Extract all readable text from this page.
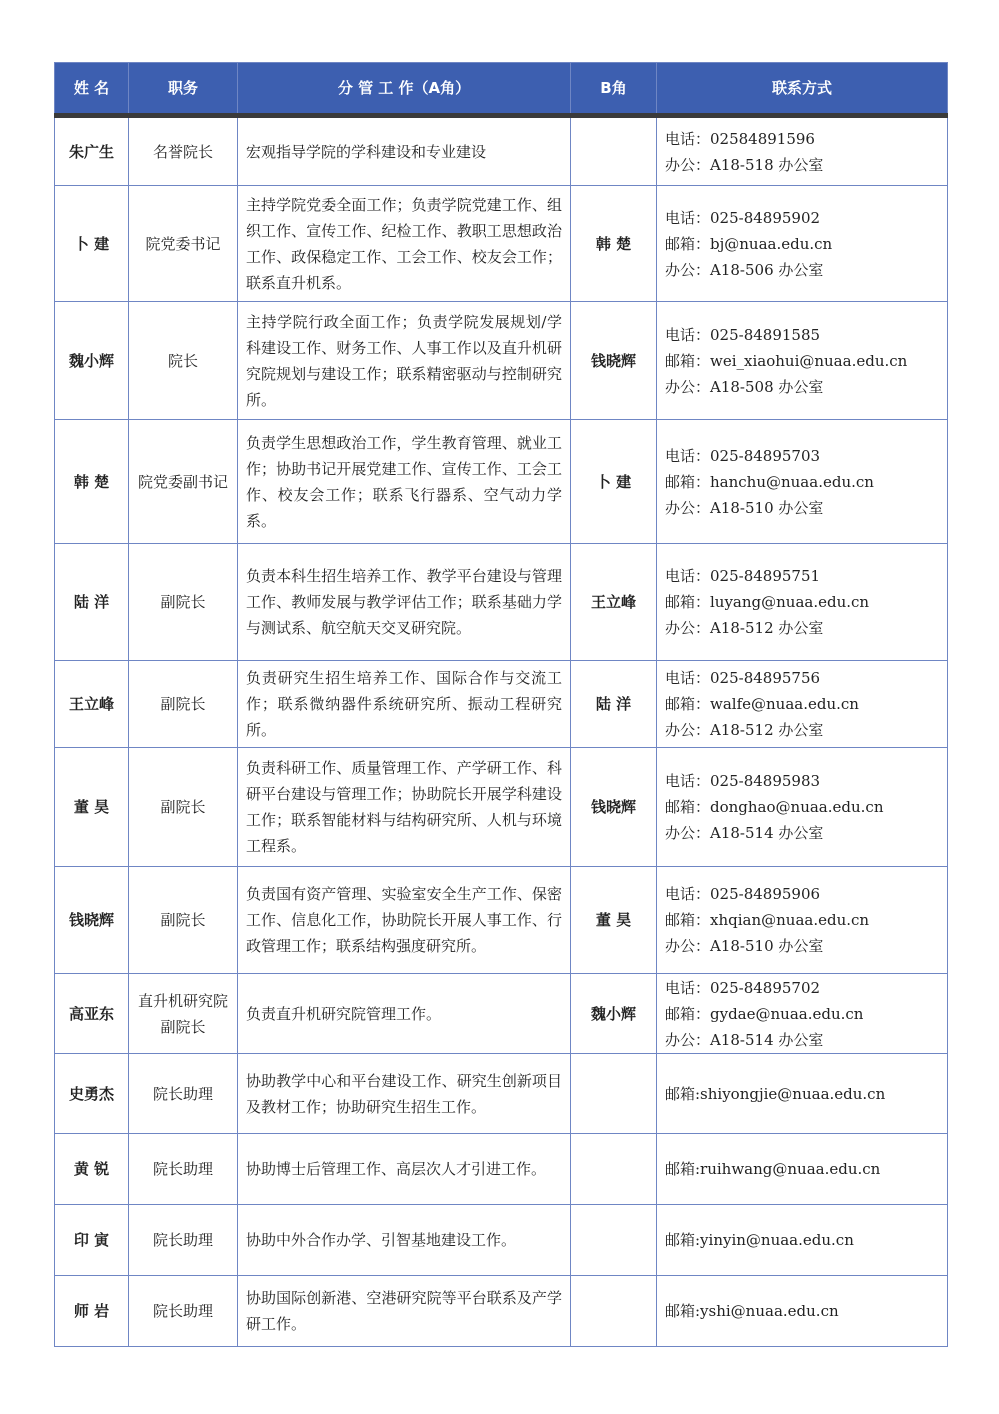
姓 名	职务	分 管 工 作（A角）	B角	联系方式
朱广生	名誉院长	宏观指导学院的学科建设和专业建设		电话：02584891596
办公：A18-518 办公室

卜 建	院党委书记	主持学院党委全面工作；负责学院党建工作、组织工作、宣传工作、纪检工作、教职工思想政治工作、政保稳定工作、工会工作、校友会工作；联系直升机系。	韩 楚	电话：025-84895902
邮箱：bj@nuaa.edu.cn
办公：A18-506 办公室

魏小辉	院长	主持学院行政全面工作；负责学院发展规划/学科建设工作、财务工作、人事工作以及直升机研究院规划与建设工作；联系精密驱动与控制研究所。	钱晓辉	电话：025-84891585
邮箱：wei_xiaohui@nuaa.edu.cn
办公：A18-508 办公室

韩 楚	院党委副书记	负责学生思想政治工作，学生教育管理、就业工作；协助书记开展党建工作、宣传工作、工会工作、校友会工作；联系飞行器系、空气动力学系。	卜 建	电话：025-84895703
邮箱：hanchu@nuaa.edu.cn
办公：A18-510 办公室

陆 洋	副院长	负责本科生招生培养工作、教学平台建设与管理工作、教师发展与教学评估工作；联系基础力学与测试系、航空航天交叉研究院。	王立峰	电话：025-84895751
邮箱：luyang@nuaa.edu.cn
办公：A18-512 办公室

王立峰	副院长	负责研究生招生培养工作、国际合作与交流工作；联系微纳器件系统研究所、振动工程研究所。	陆 洋	电话：025-84895756
邮箱：walfe@nuaa.edu.cn
办公：A18-512 办公室

董 昊	副院长	负责科研工作、质量管理工作、产学研工作、科研平台建设与管理工作；协助院长开展学科建设工作；联系智能材料与结构研究所、人机与环境工程系。	钱晓辉	电话：025-84895983
邮箱：donghao@nuaa.edu.cn
办公：A18-514 办公室

钱晓辉	副院长	负责国有资产管理、实验室安全生产工作、保密工作、信息化工作，协助院长开展人事工作、行政管理工作；联系结构强度研究所。	董 昊	电话：025-84895906
邮箱：xhqian@nuaa.edu.cn
办公：A18-510 办公室

高亚东	直升机研究院副院长	负责直升机研究院管理工作。	魏小辉	电话：025-84895702
邮箱：gydae@nuaa.edu.cn
办公：A18-514 办公室

史勇杰	院长助理	协助教学中心和平台建设工作、研究生创新项目及教材工作；协助研究生招生工作。		邮箱:shiyongjie@nuaa.edu.cn

黄 锐	院长助理	协助博士后管理工作、高层次人才引进工作。		邮箱:ruihwang@nuaa.edu.cn

印 寅	院长助理	协助中外合作办学、引智基地建设工作。		邮箱:yinyin@nuaa.edu.cn

师 岩	院长助理	协助国际创新港、空港研究院等平台联系及产学研工作。		邮箱:yshi@nuaa.edu.cn
